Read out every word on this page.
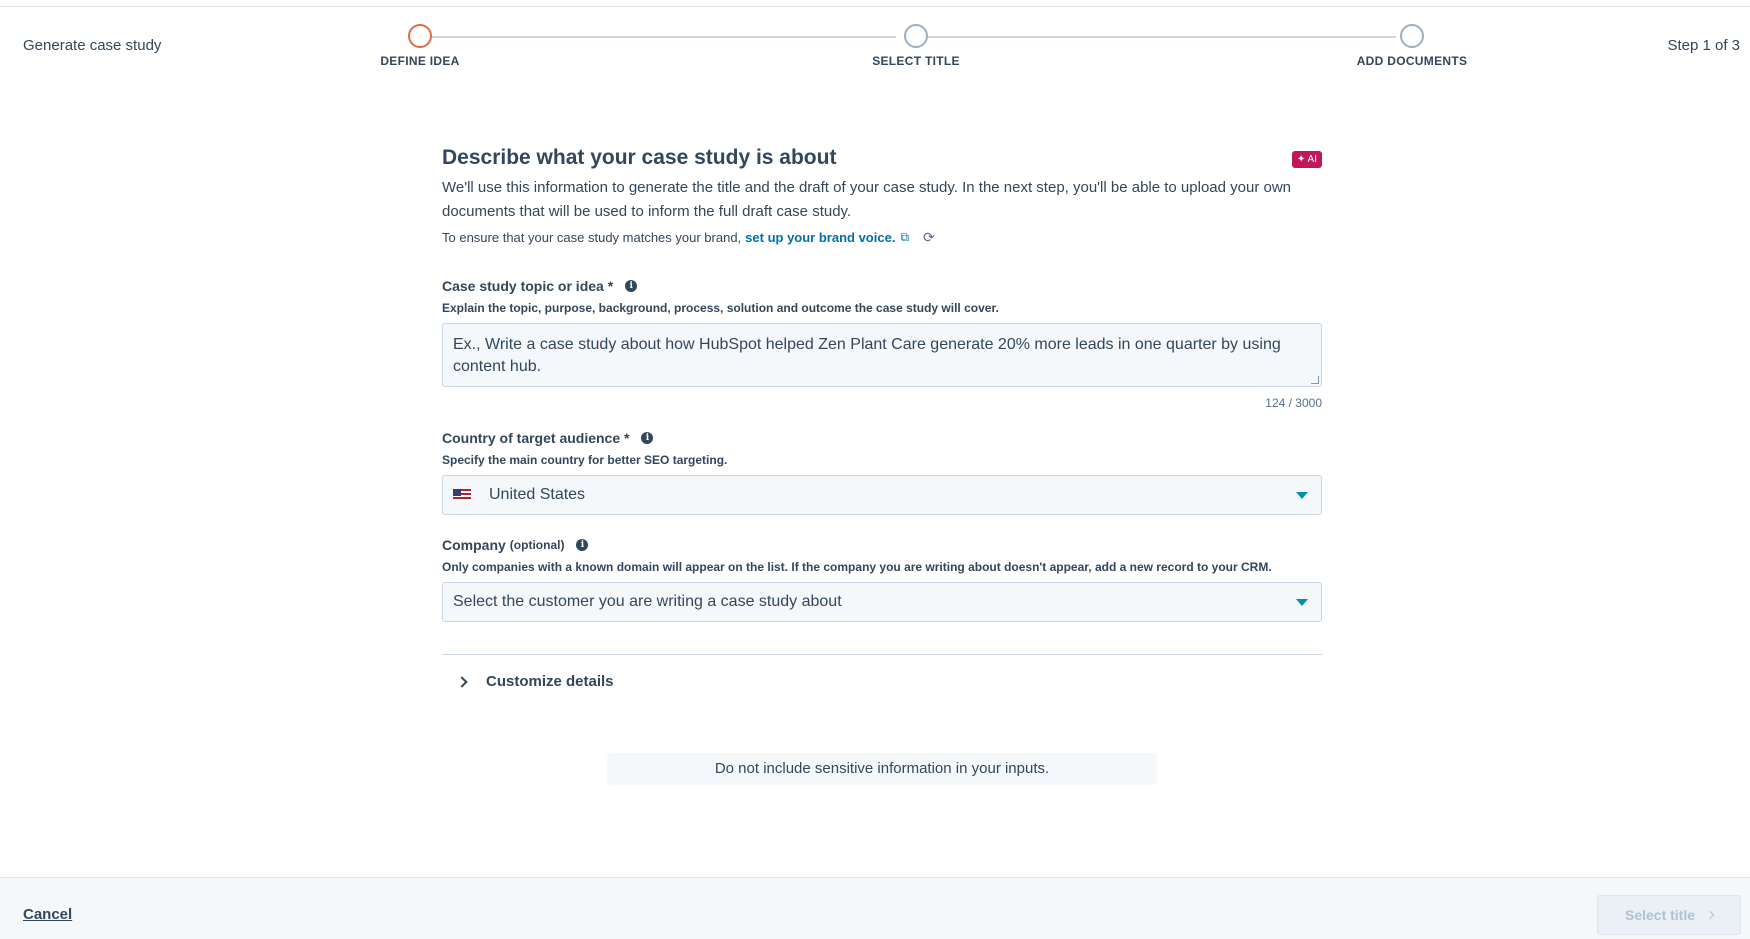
Generate case study
DEFINE IDEA	SELECT TITLE	ADD DOCUMENTS
Step 1 of 3
Describe what your case study is about	✦ AI
We'll use this information to generate the title and the draft of your case study. In the next step, you'll be able to upload your own documents that will be used to inform the full draft case study.
To ensure that your case study matches your brand, set up your brand voice. ⧉ ⟳
Case study topic or idea *	i
Explain the topic, purpose, background, process, solution and outcome the case study will cover.
Ex., Write a case study about how HubSpot helped Zen Plant Care generate 20% more leads in one quarter by using content hub.
124 / 3000
Country of target audience *	i
Specify the main country for better SEO targeting.
United States
Company (optional)	i
Only companies with a known domain will appear on the list. If the company you are writing about doesn't appear, add a new record to your CRM.
Select the customer you are writing a case study about
Customize details
Do not include sensitive information in your inputs.
Cancel	Select title
